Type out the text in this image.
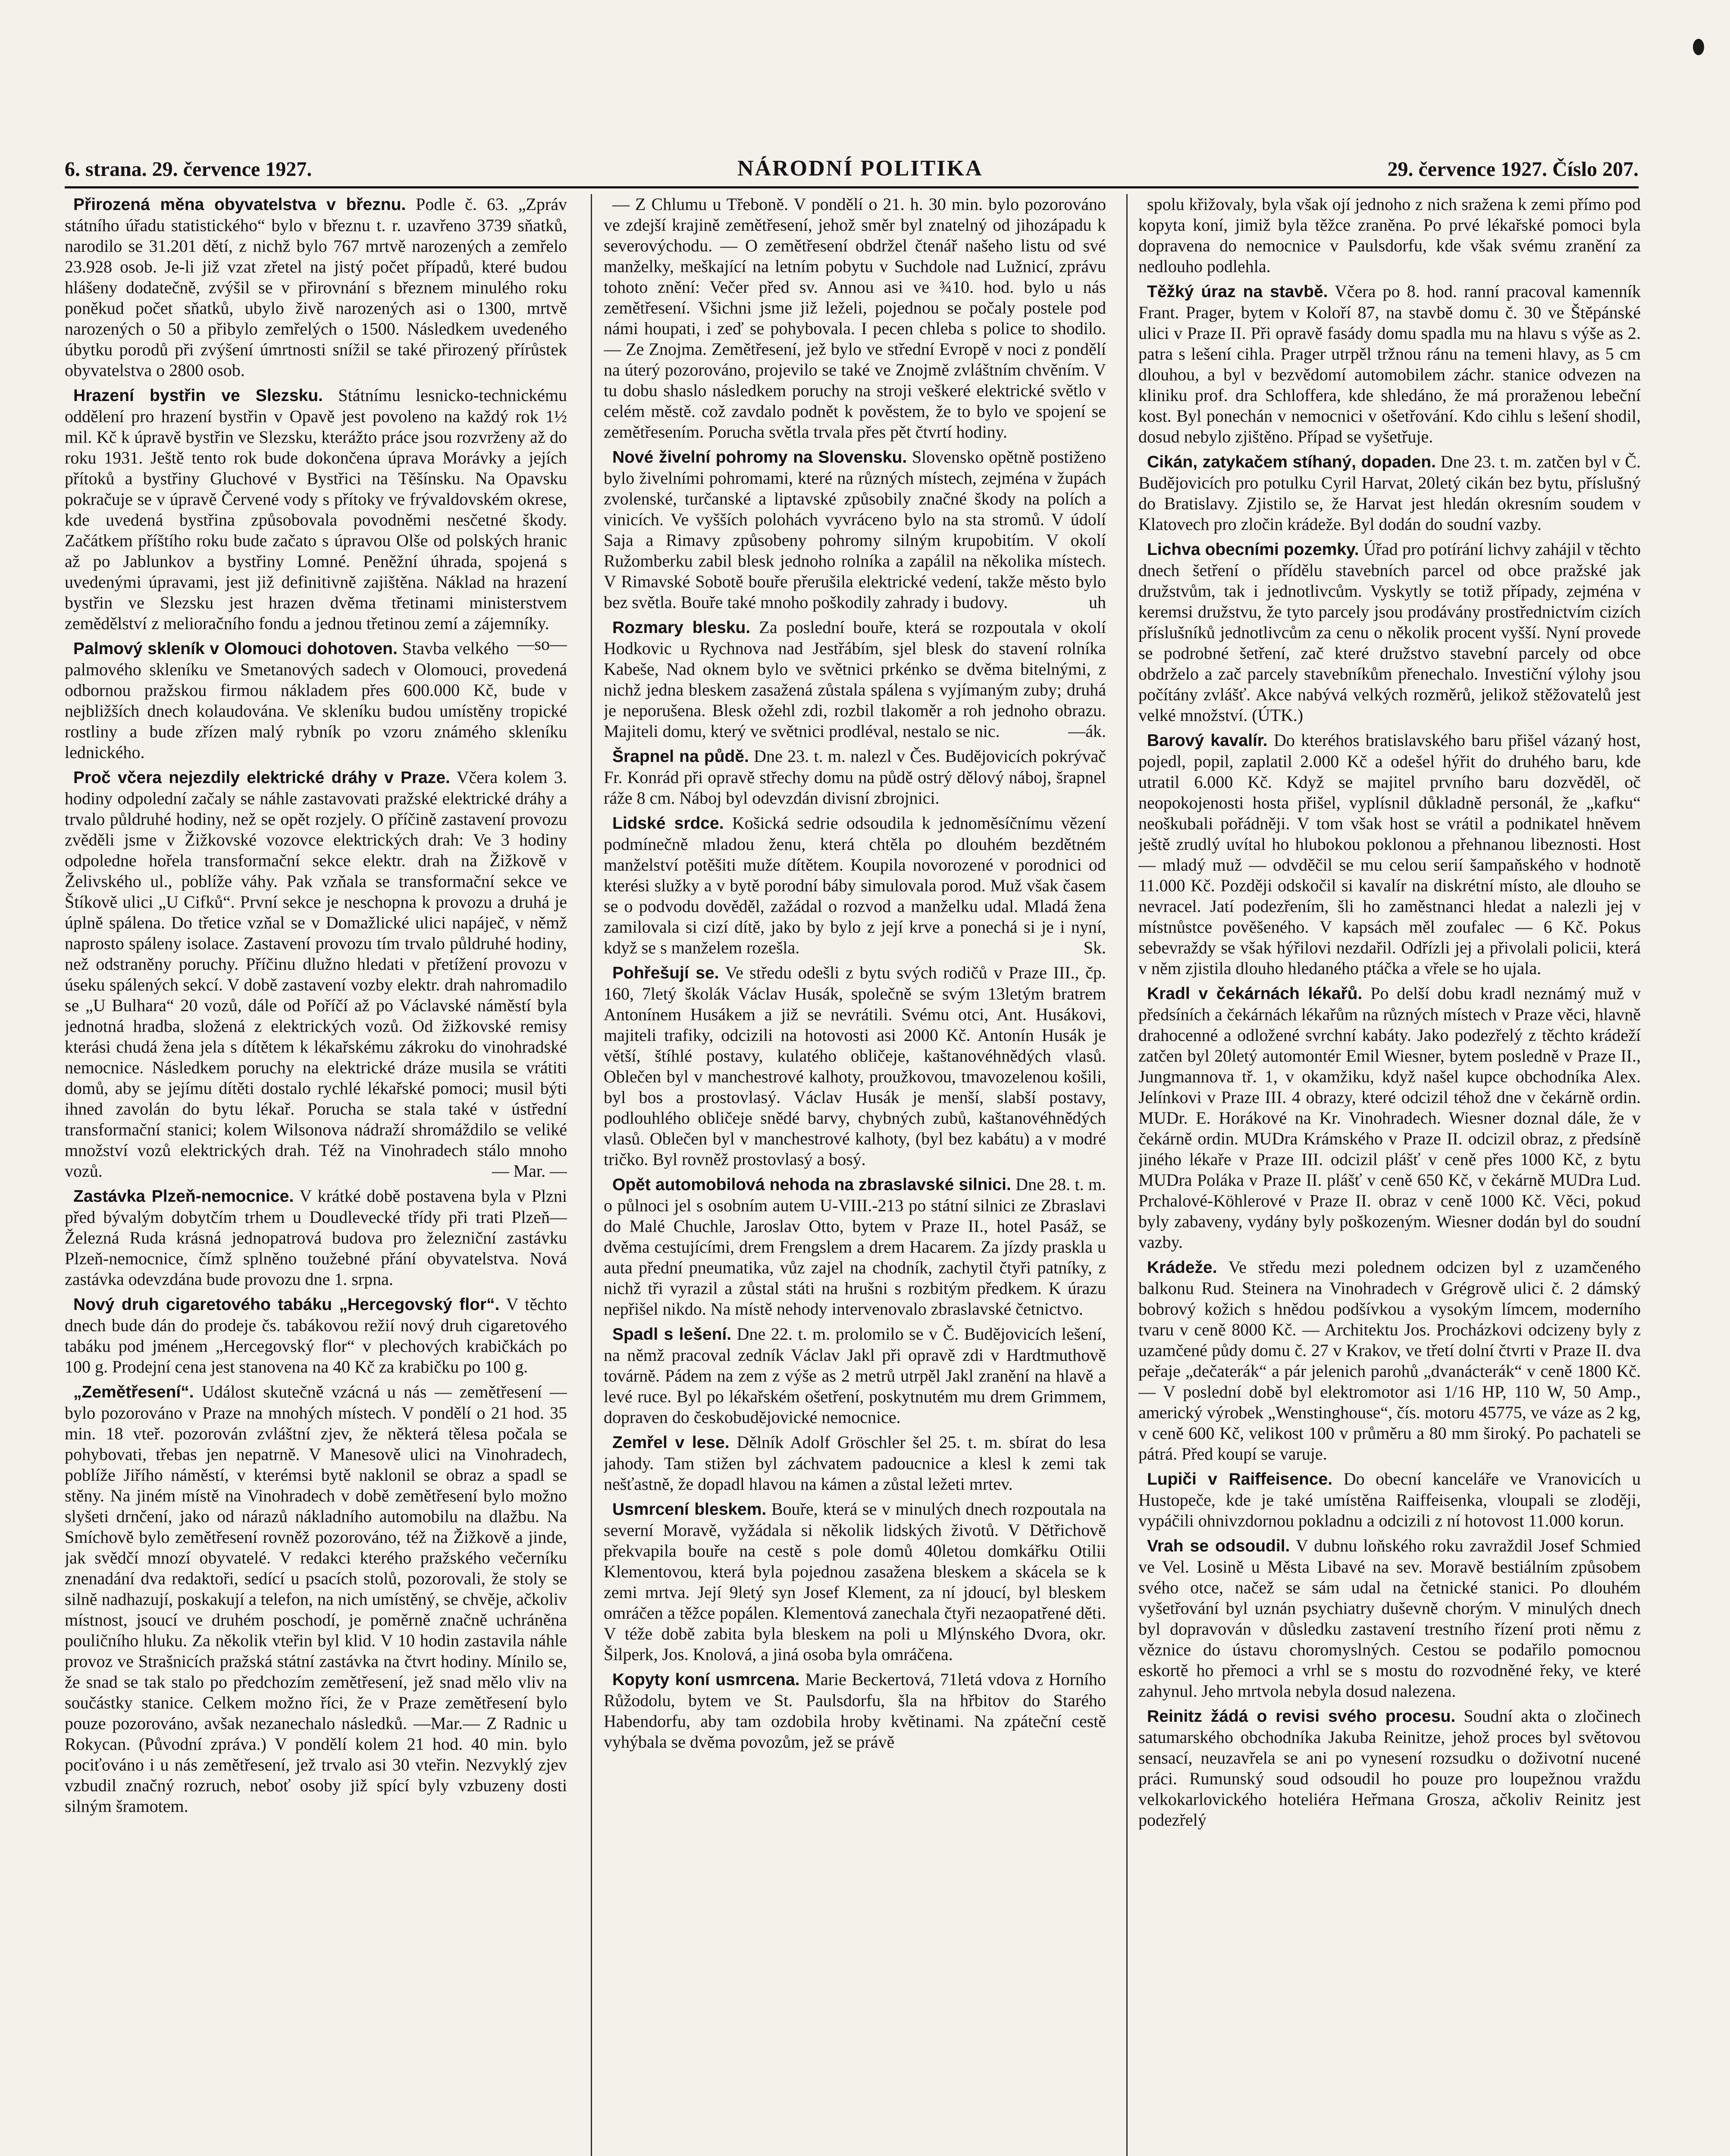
6. strana. 29. července 1927.	NÁRODNÍ POLITIKA	29. července 1927. Číslo 207.

Přirozená měna obyvatelstva v březnu. Podle č. 63. „Zpráv státního úřadu statistického“ bylo v březnu t. r. uzavřeno 3739 sňatků, narodilo se 31.201 dětí, z nichž bylo 767 mrtvě narozených a zemřelo 23.928 osob. Je-li již vzat zřetel na jistý počet případů, které budou hlášeny dodatečně, zvýšil se v přirovnání s březnem minulého roku poněkud počet sňatků, ubylo živě narozených asi o 1300, mrtvě narozených o 50 a přibylo zemřelých o 1500. Následkem uvedeného úbytku porodů při zvýšení úmrtnosti snížil se také přirozený přírůstek obyvatelstva o 2800 osob.

Hrazení bystřin ve Slezsku. Státnímu lesnicko-technickému oddělení pro hrazení bystřin v Opavě jest povoleno na každý rok 1½ mil. Kč k úpravě bystřin ve Slezsku, kterážto práce jsou rozvrženy až do roku 1931. Ještě tento rok bude dokončena úprava Morávky a jejích přítoků a bystřiny Gluchové v Bystřici na Těšínsku. Na Opavsku pokračuje se v úpravě Červené vody s přítoky ve frývaldovském okrese, kde uvedená bystřina způsobovala povodněmi nesčetné škody. Začátkem příštího roku bude začato s úpravou Olše od polských hranic až po Jablunkov a bystřiny Lomné. Peněžní úhrada, spojená s uvedenými úpravami, jest již definitivně zajištěna. Náklad na hrazení bystřin ve Slezsku jest hrazen dvěma třetinami ministerstvem zemědělství z melioračního fondu a jednou třetinou zemí a zájemníky.
—so—

Palmový skleník v Olomouci dohotoven. Stavba velkého palmového skleníku ve Smetanových sadech v Olomouci, provedená odbornou pražskou firmou nákladem přes 600.000 Kč, bude v nejbližších dnech kolaudována. Ve skleníku budou umístěny tropické rostliny a bude zřízen malý rybník po vzoru známého skleníku lednického.

Proč včera nejezdily elektrické dráhy v Praze. Včera kolem 3. hodiny odpolední začaly se náhle zastavovati pražské elektrické dráhy a trvalo půldruhé hodiny, než se opět rozjely. O příčině zastavení provozu zvěděli jsme v Žižkovské vozovce elektrických drah: Ve 3 hodiny odpoledne hořela transformační sekce elektr. drah na Žižkově v Želivského ul., poblíže váhy. Pak vzňala se transformační sekce ve Štíkově ulici „U Cifků“. První sekce je neschopna k provozu a druhá je úplně spálena. Do třetice vzňal se v Domažlické ulici napáječ, v němž naprosto spáleny isolace. Zastavení provozu tím trvalo půldruhé hodiny, než odstraněny poruchy. Příčinu dlužno hledati v přetížení provozu v úseku spálených sekcí. V době zastavení vozby elektr. drah nahromadilo se „U Bulhara“ 20 vozů, dále od Poříčí až po Václavské náměstí byla jednotná hradba, složená z elektrických vozů. Od žižkovské remisy kterási chudá žena jela s dítětem k lékařskému zákroku do vinohradské nemocnice. Následkem poruchy na elektrické dráze musila se vrátiti domů, aby se jejímu dítěti dostalo rychlé lékařské pomoci; musil býti ihned zavolán do bytu lékař. Porucha se stala také v ústřední transformační stanici; kolem Wilsonova nádraží shromáždilo se veliké množství vozů elektrických drah. Též na Vinohradech stálo mnoho vozů.	— Mar. —

Zastávka Plzeň-nemocnice. V krátké době postavena byla v Plzni před bývalým dobytčím trhem u Doudlevecké třídy při trati Plzeň—Železná Ruda krásná jednopatrová budova pro železniční zastávku Plzeň-nemocnice, čímž splněno toužebné přání obyvatelstva. Nová zastávka odevzdána bude provozu dne 1. srpna.

Nový druh cigaretového tabáku „Hercegovský flor“. V těchto dnech bude dán do prodeje čs. tabákovou režií nový druh cigaretového tabáku pod jménem „Hercegovský flor“ v plechových krabičkách po 100 g. Prodejní cena jest stanovena na 40 Kč za krabičku po 100 g.

„Zemětřesení“. Událost skutečně vzácná u nás — zemětřesení — bylo pozorováno v Praze na mnohých místech. V pondělí o 21 hod. 35 min. 18 vteř. pozorován zvláštní zjev, že některá tělesa počala se pohybovati, třebas jen nepatrně. V Manesově ulici na Vinohradech, poblíže Jiřího náměstí, v kterémsi bytě naklonil se obraz a spadl se stěny. Na jiném místě na Vinohradech v době zemětřesení bylo možno slyšeti drnčení, jako od nárazů nákladního automobilu na dlažbu. Na Smíchově bylo zemětřesení rovněž pozorováno, též na Žižkově a jinde, jak svědčí mnozí obyvatelé. V redakci kterého pražského večerníku znenadání dva redaktoři, sedící u psacích stolů, pozorovali, že stoly se silně nadhazují, poskakují a telefon, na nich umístěný, se chvěje, ačkoliv místnost, jsoucí ve druhém poschodí, je poměrně značně uchráněna pouličního hluku. Za několik vteřin byl klid. V 10 hodin zastavila náhle provoz ve Strašnicích pražská státní zastávka na čtvrt hodiny. Mínilo se, že snad se tak stalo po předchozím zemětřesení, jež snad mělo vliv na součástky stanice. Celkem možno říci, že v Praze zemětřesení bylo pouze pozorováno, avšak nezanechalo následků. —Mar.— Z Radnic u Rokycan. (Původní zpráva.) V pondělí kolem 21 hod. 40 min. bylo pociťováno i u nás zemětřesení, jež trvalo asi 30 vteřin. Nezvyklý zjev vzbudil značný rozruch, neboť osoby již spící byly vzbuzeny dosti silným šramotem.

— Z Chlumu u Třeboně. V pondělí o 21. h. 30 min. bylo pozorováno ve zdejší krajině zemětřesení, jehož směr byl znatelný od jihozápadu k severovýchodu. — O zemětřesení obdržel čtenář našeho listu od své manželky, meškající na letním pobytu v Suchdole nad Lužnicí, zprávu tohoto znění: Večer před sv. Annou asi ve ¾10. hod. bylo u nás zemětřesení. Všichni jsme již leželi, pojednou se počaly postele pod námi houpati, i zeď se pohybovala. I pecen chleba s police to shodilo. — Ze Znojma. Zemětřesení, jež bylo ve střední Evropě v noci z pondělí na úterý pozorováno, projevilo se také ve Znojmě zvláštním chvěním. V tu dobu shaslo následkem poruchy na stroji veškeré elektrické světlo v celém městě. což zavdalo podnět k pověstem, že to bylo ve spojení se zemětřesením. Porucha světla trvala přes pět čtvrtí hodiny.

Nové živelní pohromy na Slovensku. Slovensko opětně postiženo bylo živelními pohromami, které na různých místech, zejména v župách zvolenské, turčanské a liptavské způsobily značné škody na polích a vinicích. Ve vyšších polohách vyvráceno bylo na sta stromů. V údolí Saja a Rimavy způsobeny pohromy silným krupobitím. V okolí Ružomberku zabil blesk jednoho rolníka a zapálil na několika místech. V Rimavské Sobotě bouře přerušila elektrické vedení, takže město bylo bez světla. Bouře také mnoho poškodily zahrady i budovy.	uh

Rozmary blesku. Za poslední bouře, která se rozpoutala v okolí Hodkovic u Rychnova nad Jestřábím, sjel blesk do stavení rolníka Kabeše, Nad oknem bylo ve světnici prkénko se dvěma bitelnými, z nichž jedna bleskem zasažená zůstala spálena s vyjímaným zuby; druhá je neporušena. Blesk ožehl zdi, rozbil tlakoměr a roh jednoho obrazu. Majiteli domu, který ve světnici prodléval, nestalo se nic.	—ák.

Šrapnel na půdě. Dne 23. t. m. nalezl v Čes. Budějovicích pokrývač Fr. Konrád při opravě střechy domu na půdě ostrý dělový náboj, šrapnel ráže 8 cm. Náboj byl odevzdán divisní zbrojnici.

Lidské srdce. Košická sedrie odsoudila k jednoměsíčnímu vězení podmínečně mladou ženu, která chtěla po dlouhém bezdětném manželství potěšiti muže dítětem. Koupila novorozené v porodnici od kterési služky a v bytě porodní báby simulovala porod. Muž však časem se o podvodu dověděl, zažádal o rozvod a manželku udal. Mladá žena zamilovala si cizí dítě, jako by bylo z její krve a ponechá si je i nyní, když se s manželem rozešla.	Sk.

Pohřešují se. Ve středu odešli z bytu svých rodičů v Praze III., čp. 160, 7letý školák Václav Husák, společně se svým 13letým bratrem Antonínem Husákem a již se nevrátili. Svému otci, Ant. Husákovi, majiteli trafiky, odcizili na hotovosti asi 2000 Kč. Antonín Husák je větší, štíhlé postavy, kulatého obličeje, kaštanovéhnědých vlasů. Oblečen byl v manchestrové kalhoty, proužkovou, tmavozelenou košili, byl bos a prostovlasý. Václav Husák je menší, slabší postavy, podlouhlého obličeje snědé barvy, chybných zubů, kaštanovéhnědých vlasů. Oblečen byl v manchestrové kalhoty, (byl bez kabátu) a v modré tričko. Byl rovněž prostovlasý a bosý.

Opět automobilová nehoda na zbraslavské silnici. Dne 28. t. m. o půlnoci jel s osobním autem U-VIII.-213 po státní silnici ze Zbraslavi do Malé Chuchle, Jaroslav Otto, bytem v Praze II., hotel Pasáž, se dvěma cestujícími, drem Frengslem a drem Hacarem. Za jízdy praskla u auta přední pneumatika, vůz zajel na chodník, zachytil čtyři patníky, z nichž tři vyrazil a zůstal státi na hrušni s rozbitým předkem. K úrazu nepřišel nikdo. Na místě nehody intervenovalo zbraslavské četnictvo.

Spadl s lešení. Dne 22. t. m. prolomilo se v Č. Budějovicích lešení, na němž pracoval zedník Václav Jakl při opravě zdi v Hardtmuthově továrně. Pádem na zem z výše as 2 metrů utrpěl Jakl zranění na hlavě a levé ruce. Byl po lékařském ošetření, poskytnutém mu drem Grimmem, dopraven do českobudějovické nemocnice.

Zemřel v lese. Dělník Adolf Gröschler šel 25. t. m. sbírat do lesa jahody. Tam stižen byl záchvatem padoucnice a klesl k zemi tak nešťastně, že dopadl hlavou na kámen a zůstal ležeti mrtev.

Usmrcení bleskem. Bouře, která se v minulých dnech rozpoutala na severní Moravě, vyžádala si několik lidských životů. V Dětřichově překvapila bouře na cestě s pole domů 40letou domkářku Otilii Klementovou, která byla pojednou zasažena bleskem a skácela se k zemi mrtva. Její 9letý syn Josef Klement, za ní jdoucí, byl bleskem omráčen a těžce popálen. Klementová zanechala čtyři nezaopatřené děti. V téže době zabita byla bleskem na poli u Mlýnského Dvora, okr. Šilperk, Jos. Knolová, a jiná osoba byla omráčena.

Kopyty koní usmrcena. Marie Beckertová, 71letá vdova z Horního Růžodolu, bytem ve St. Paulsdorfu, šla na hřbitov do Starého Habendorfu, aby tam ozdobila hroby květinami. Na zpáteční cestě vyhýbala se dvěma povozům, jež se právě

spolu křižovaly, byla však ojí jednoho z nich sražena k zemi přímo pod kopyta koní, jimiž byla těžce zraněna. Po prvé lékařské pomoci byla dopravena do nemocnice v Paulsdorfu, kde však svému zranění za nedlouho podlehla.

Těžký úraz na stavbě. Včera po 8. hod. ranní pracoval kamenník Frant. Prager, bytem v Koloří 87, na stavbě domu č. 30 ve Štěpánské ulici v Praze II. Při opravě fasády domu spadla mu na hlavu s výše as 2. patra s lešení cihla. Prager utrpěl tržnou ránu na temeni hlavy, as 5 cm dlouhou, a byl v bezvědomí automobilem záchr. stanice odvezen na kliniku prof. dra Schloffera, kde shledáno, že má proraženou lebeční kost. Byl ponechán v nemocnici v ošetřování. Kdo cihlu s lešení shodil, dosud nebylo zjištěno. Případ se vyšetřuje.

Cikán, zatykačem stíhaný, dopaden. Dne 23. t. m. zatčen byl v Č. Budějovicích pro potulku Cyril Harvat, 20letý cikán bez bytu, příslušný do Bratislavy. Zjistilo se, že Harvat jest hledán okresním soudem v Klatovech pro zločin krádeže. Byl dodán do soudní vazby.

Lichva obecními pozemky. Úřad pro potírání lichvy zahájil v těchto dnech šetření o přídělu stavebních parcel od obce pražské jak družstvům, tak i jednotlivcům. Vyskytly se totiž případy, zejména v keremsi družstvu, že tyto parcely jsou prodávány prostřednictvím cizích příslušníků jednotlivcům za cenu o několik procent vyšší. Nyní provede se podrobné šetření, zač které družstvo stavební parcely od obce obdrželo a zač parcely stavebníkům přenechalo. Investiční výlohy jsou počítány zvlášť. Akce nabývá velkých rozměrů, jelikož stěžovatelů jest velké množství. (ÚTK.)

Barový kavalír. Do kteréhos bratislavského baru přišel vázaný host, pojedl, popil, zaplatil 2.000 Kč a odešel hýřit do druhého baru, kde utratil 6.000 Kč. Když se majitel prvního baru dozvěděl, oč neopokojenosti hosta přišel, vyplísnil důkladně personál, že „kafku“ neoškubali pořádněji. V tom však host se vrátil a podnikatel hněvem ještě zrudlý uvítal ho hlubokou poklonou a přehnanou libeznosti. Host — mladý muž — odvděčil se mu celou serií šampaňského v hodnotě 11.000 Kč. Později odskočil si kavalír na diskrétní místo, ale dlouho se nevracel. Jatí podezřením, šli ho zaměstnanci hledat a nalezli jej v místnůstce pověšeného. V kapsách měl zoufalec — 6 Kč. Pokus sebevraždy se však hýřilovi nezdařil. Odřízli jej a přivolali policii, která v něm zjistila dlouho hledaného ptáčka a vřele se ho ujala.

Kradl v čekárnách lékařů. Po delší dobu kradl neznámý muž v předsíních a čekárnách lékařům na různých místech v Praze věci, hlavně drahocenné a odložené svrchní kabáty. Jako podezřelý z těchto krádeží zatčen byl 20letý automontér Emil Wiesner, bytem posledně v Praze II., Jungmannova tř. 1, v okamžiku, když našel kupce obchodníka Alex. Jelínkovi v Praze III. 4 obrazy, které odcizil téhož dne v čekárně ordin. MUDr. E. Horákové na Kr. Vinohradech. Wiesner doznal dále, že v čekárně ordin. MUDra Krámského v Praze II. odcizil obraz, z předsíně jiného lékaře v Praze III. odcizil plášť v ceně přes 1000 Kč, z bytu MUDra Poláka v Praze II. plášť v ceně 650 Kč, v čekárně MUDra Lud. Prchalové-Köhlerové v Praze II. obraz v ceně 1000 Kč. Věci, pokud byly zabaveny, vydány byly poškozeným. Wiesner dodán byl do soudní vazby.

Krádeže. Ve středu mezi polednem odcizen byl z uzamčeného balkonu Rud. Steinera na Vinohradech v Grégrově ulici č. 2 dámský bobrový kožich s hnědou podšívkou a vysokým límcem, moderního tvaru v ceně 8000 Kč. — Architektu Jos. Procházkovi odcizeny byly z uzamčené půdy domu č. 27 v Krakov, ve třetí dolní čtvrti v Praze II. dva peřaje „dečaterák“ a pár jelenich parohů „dvanácterák“ v ceně 1800 Kč. — V poslední době byl elektromotor asi 1/16 HP, 110 W, 50 Amp., americký výrobek „Wenstinghouse“, čís. motoru 45775, ve váze as 2 kg, v ceně 600 Kč, velikost 100 v průměru a 80 mm široký. Po pachateli se pátrá. Před koupí se varuje.

Lupiči v Raiffeisence. Do obecní kanceláře ve Vranovicích u Hustopeče, kde je také umístěna Raiffeisenka, vloupali se zloději, vypáčili ohnivzdornou pokladnu a odcizili z ní hotovost 11.000 korun.

Vrah se odsoudil. V dubnu loňského roku zavraždil Josef Schmied ve Vel. Losině u Města Libavé na sev. Moravě bestiálním způsobem svého otce, načež se sám udal na četnické stanici. Po dlouhém vyšetřování byl uznán psychiatry duševně chorým. V minulých dnech byl dopravován v důsledku zastavení trestního řízení proti němu z věznice do ústavu choromyslných. Cestou se podařilo pomocnou eskortě ho přemoci a vrhl se s mostu do rozvodněné řeky, ve které zahynul. Jeho mrtvola nebyla dosud nalezena.

Reinitz žádá o revisi svého procesu. Soudní akta o zločinech satumarského obchodníka Jakuba Reinitze, jehož proces byl světovou sensací, neuzavřela se ani po vynesení rozsudku o doživotní nucené práci. Rumunský soud odsoudil ho pouze pro loupežnou vraždu velkokarlovického hoteliéra Heřmana Grosza, ačkoliv Reinitz jest podezřelý
